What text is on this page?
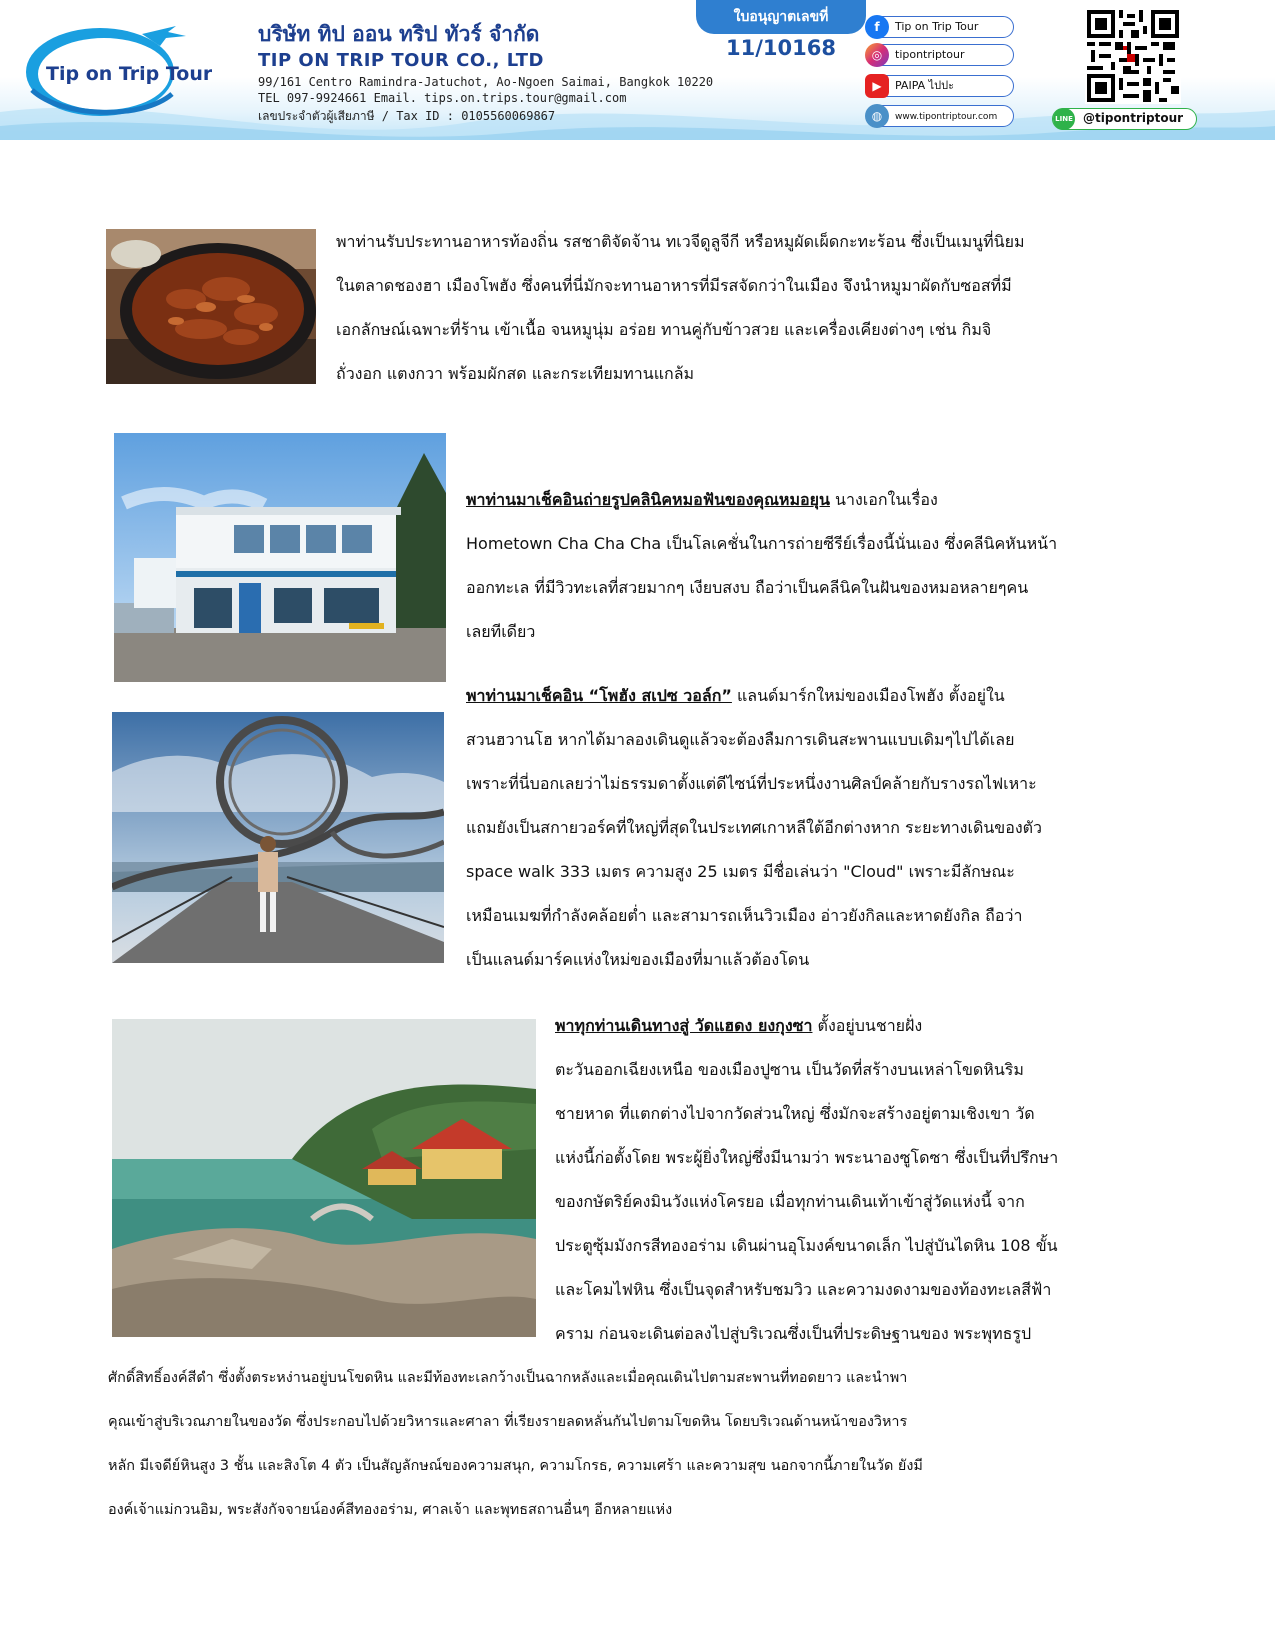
Tip on Trip Tour
บริษัท ทิป ออน ทริป ทัวร์ จำกัด
TIP ON TRIP TOUR CO., LTD
99/161 Centro Ramindra-Jatuchot, Ao-Ngoen Saimai, Bangkok 10220
TEL 097-9924661 Email. tips.on.trips.tour@gmail.com
เลขประจำตัวผู้เสียภาษี / Tax ID : 0105560069867
ใบอนุญาตเลขที่
11/10168
f	Tip on Trip Tour
◎	tipontriptour
▶	PAIPA ไปปะ
◍	www.tipontriptour.com	LINE @tipontriptour
พาท่านรับประทานอาหารท้องถิ่น รสชาติจัดจ้าน ทเวจีดูลูจีกี หรือหมูผัดเผ็ดกะทะร้อน ซึ่งเป็นเมนูที่นิยม
ในตลาดชองฮา เมืองโพฮัง ซึ่งคนที่นี่มักจะทานอาหารที่มีรสจัดกว่าในเมือง จึงนำหมูมาผัดกับซอสที่มี
เอกลักษณ์เฉพาะที่ร้าน เข้าเนื้อ จนหมูนุ่ม อร่อย ทานคู่กับข้าวสวย และเครื่องเคียงต่างๆ เช่น กิมจิ
ถั่วงอก แตงกวา พร้อมผักสด และกระเทียมทานแกล้ม
พาท่านมาเช็คอินถ่ายรูปคลินิคหมอฟันของคุณหมอยุน นางเอกในเรื่อง
Hometown Cha Cha Cha เป็นโลเคชั่นในการถ่ายซีรีย์เรื่องนี้นั่นเอง ซึ่งคลีนิคหันหน้า
ออกทะเล ที่มีวิวทะเลที่สวยมากๆ เงียบสงบ ถือว่าเป็นคลีนิคในฝันของหมอหลายๆคน
เลยทีเดียว
พาท่านมาเช็คอิน “โพฮัง สเปซ วอล์ก” แลนด์มาร์กใหม่ของเมืองโพฮัง ตั้งอยู่ใน
สวนฮวานโฮ หากได้มาลองเดินดูแล้วจะต้องลืมการเดินสะพานแบบเดิมๆไปได้เลย
เพราะที่นี่บอกเลยว่าไม่ธรรมดาตั้งแต่ดีไซน์ที่ประหนึ่งงานศิลป์คล้ายกับรางรถไฟเหาะ
แถมยังเป็นสกายวอร์คที่ใหญ่ที่สุดในประเทศเกาหลีใต้อีกต่างหาก ระยะทางเดินของตัว
space walk 333 เมตร ความสูง 25 เมตร มีชื่อเล่นว่า "Cloud" เพราะมีลักษณะ
เหมือนเมฆที่กำลังคล้อยต่ำ และสามารถเห็นวิวเมือง อ่าวยังกิลและหาดยังกิล ถือว่า
เป็นแลนด์มาร์คแห่งใหม่ของเมืองที่มาแล้วต้องโดน
พาทุกท่านเดินทางสู่ วัดแฮดง ยงกุงซา ตั้งอยู่บนชายฝั่ง
ตะวันออกเฉียงเหนือ ของเมืองปูซาน เป็นวัดที่สร้างบนเหล่าโขดหินริม
ชายหาด ที่แตกต่างไปจากวัดส่วนใหญ่ ซึ่งมักจะสร้างอยู่ตามเชิงเขา วัด
แห่งนี้ก่อตั้งโดย พระผู้ยิ่งใหญ่ซึ่งมีนามว่า พระนาองซูโดซา ซึ่งเป็นที่ปรึกษา
ของกษัตริย์คงมินวังแห่งโครยอ เมื่อทุกท่านเดินเท้าเข้าสู่วัดแห่งนี้ จาก
ประตูซุ้มมังกรสีทองอร่าม เดินผ่านอุโมงค์ขนาดเล็ก ไปสู่บันไดหิน 108 ขั้น
และโคมไฟหิน ซึ่งเป็นจุดสำหรับชมวิว และความงดงามของท้องทะเลสีฟ้า
คราม ก่อนจะเดินต่อลงไปสู่บริเวณซึ่งเป็นที่ประดิษฐานของ พระพุทธรูป
ศักดิ์สิทธิ์องค์สีดำ ซึ่งตั้งตระหง่านอยู่บนโขดหิน และมีท้องทะเลกว้างเป็นฉากหลังและเมื่อคุณเดินไปตามสะพานที่ทอดยาว และนำพา
คุณเข้าสู่บริเวณภายในของวัด ซึ่งประกอบไปด้วยวิหารและศาลา ที่เรียงรายลดหลั่นกันไปตามโขดหิน โดยบริเวณด้านหน้าของวิหาร
หลัก มีเจดีย์หินสูง 3 ชั้น และสิงโต 4 ตัว เป็นสัญลักษณ์ของความสนุก, ความโกรธ, ความเศร้า และความสุข นอกจากนี้ภายในวัด ยังมี
องค์เจ้าแม่กวนอิม, พระสังกัจจายน์องค์สีทองอร่าม, ศาลเจ้า และพุทธสถานอื่นๆ อีกหลายแห่ง
